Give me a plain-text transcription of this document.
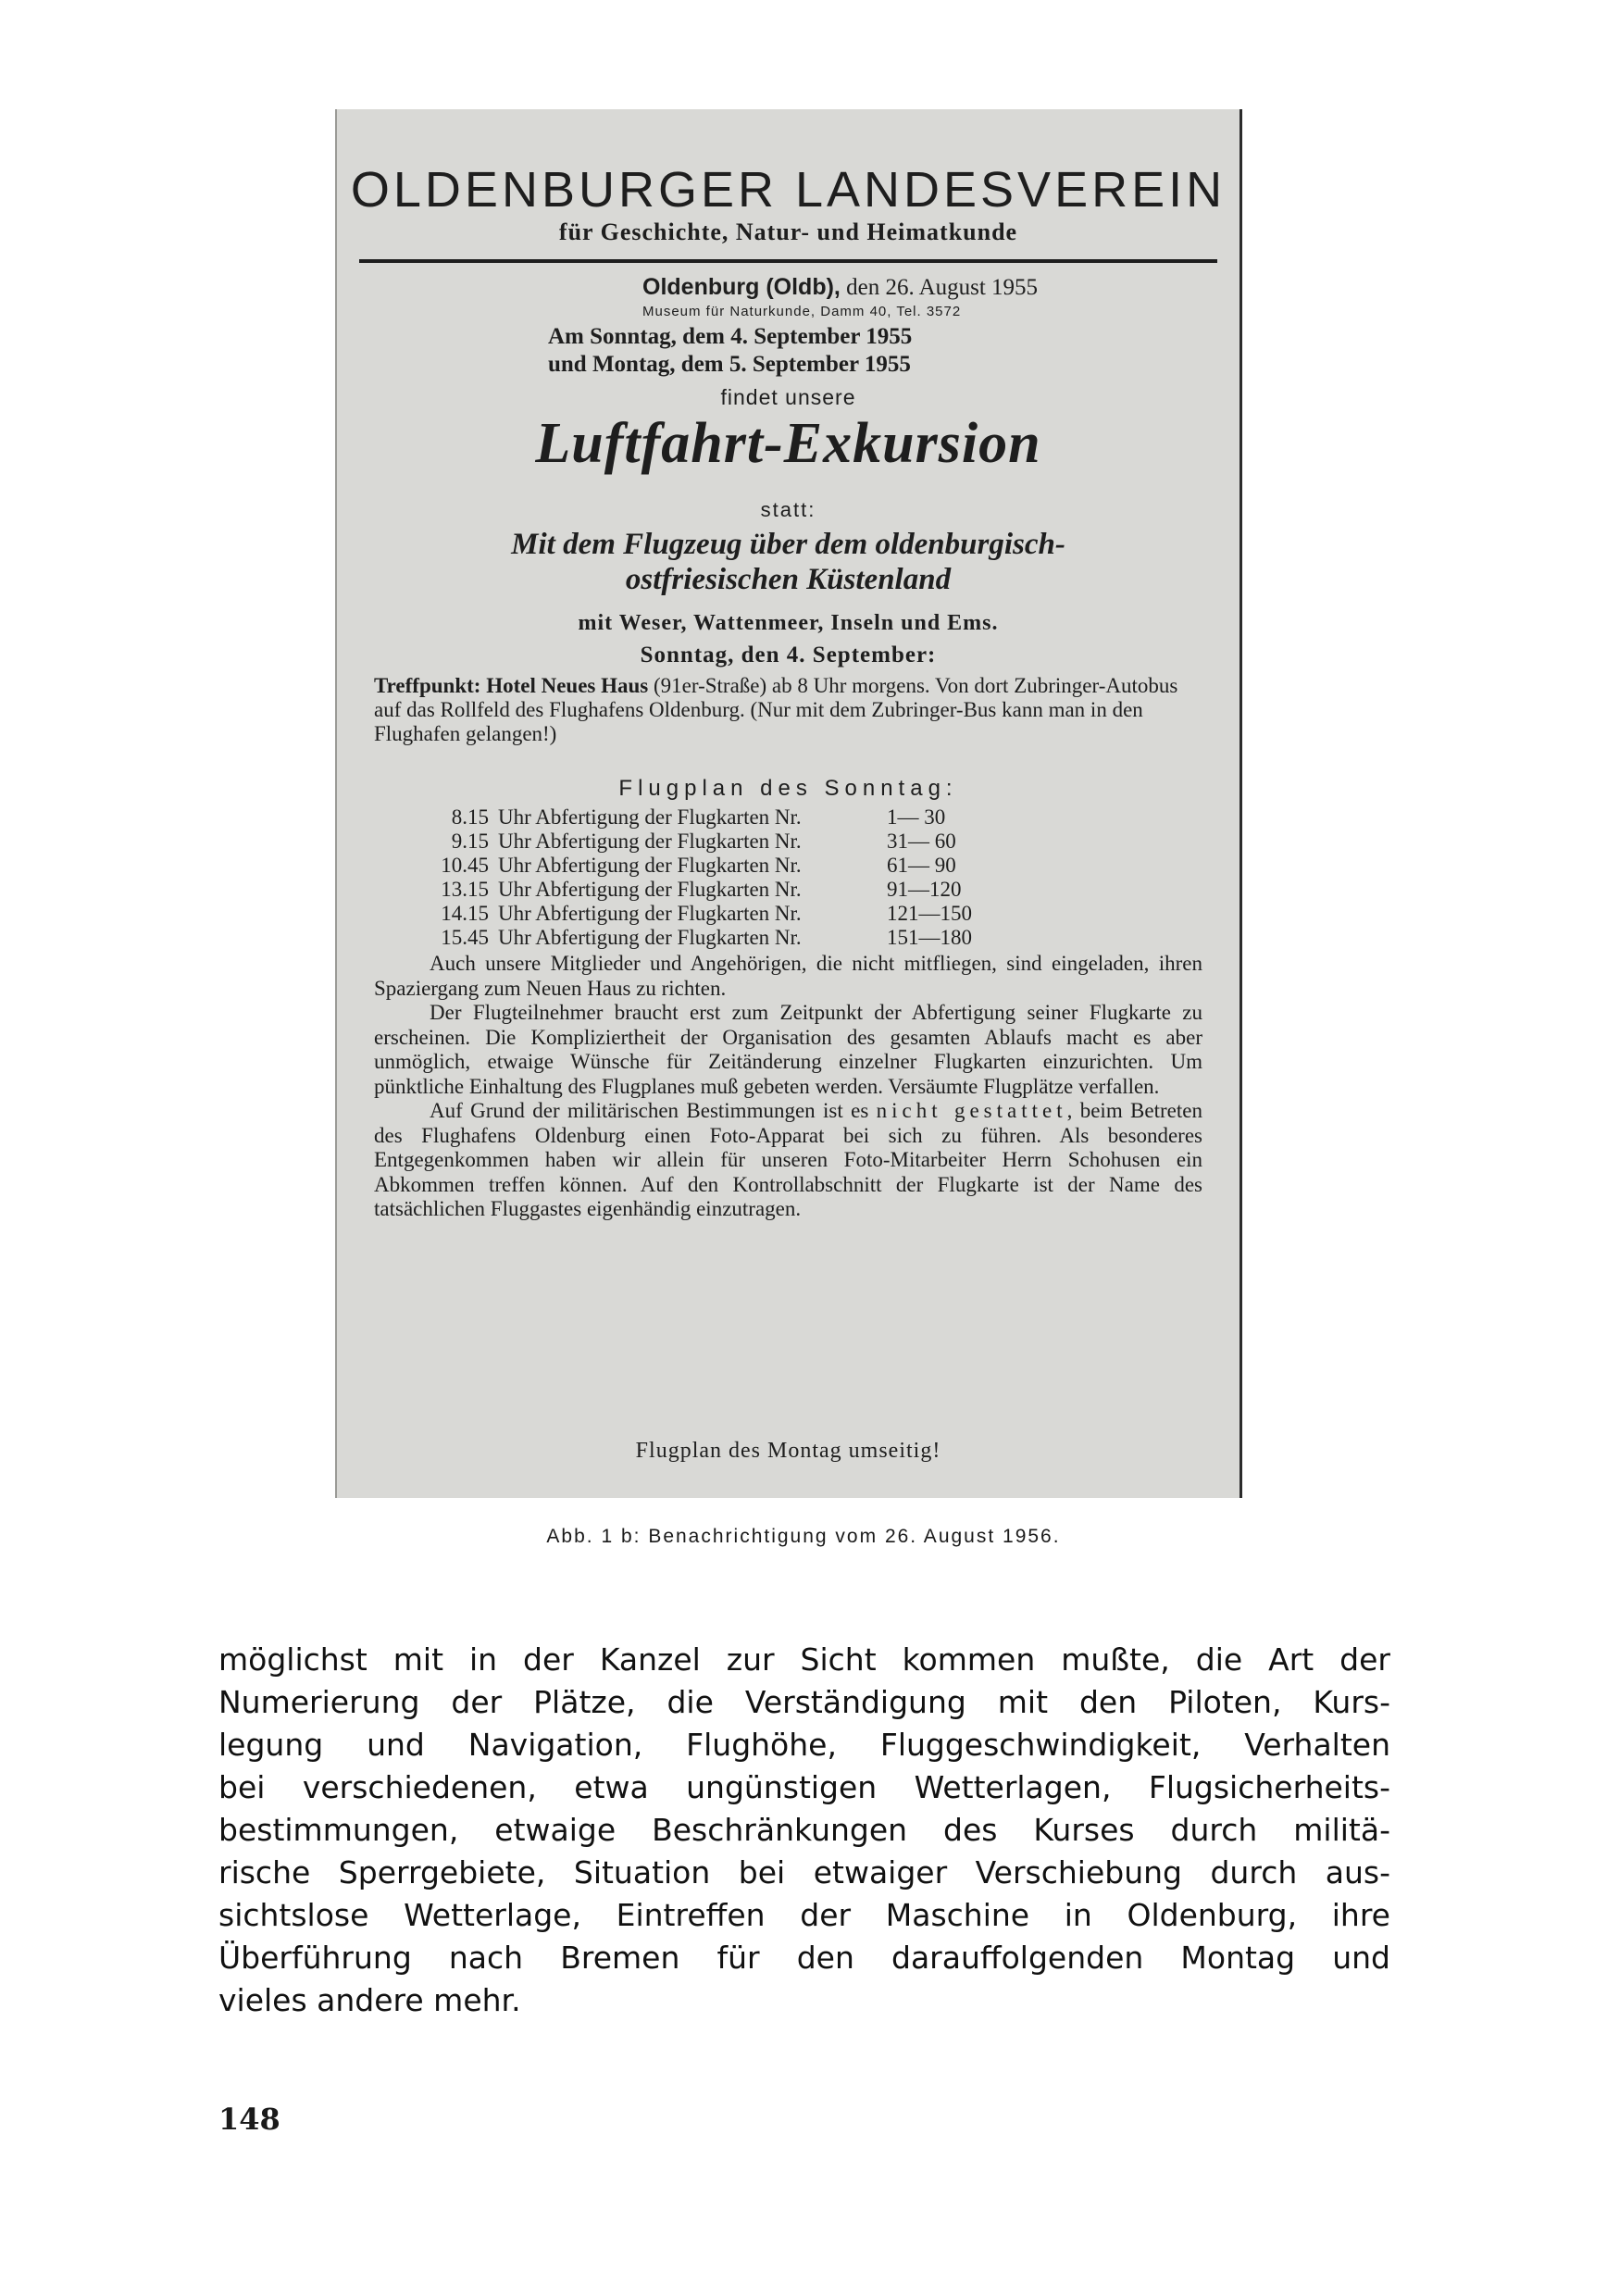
OLDENBURGER LANDESVEREIN
für Geschichte, Natur- und Heimatkunde
Oldenburg (Oldb), den 26. August 1955
Museum für Naturkunde, Damm 40, Tel. 3572
Am Sonntag, dem 4. September 1955
und Montag, dem 5. September 1955
findet unsere
Luftfahrt-Exkursion
statt:
Mit dem Flugzeug über dem oldenburgisch-
ostfriesischen Küstenland
mit Weser, Wattenmeer, Inseln und Ems.
Sonntag, den 4. September:
Treffpunkt: Hotel Neues Haus (91er-Straße) ab 8 Uhr morgens. Von dort Zubringer-Autobus auf das Rollfeld des Flughafens Oldenburg. (Nur mit dem Zubringer-Bus kann man in den Flughafen gelangen!)
Flugplan des Sonntag:
8.15 Uhr Abfertigung der Flugkarten Nr.	1— 30
9.15 Uhr Abfertigung der Flugkarten Nr.	31— 60
10.45 Uhr Abfertigung der Flugkarten Nr.	61— 90
13.15 Uhr Abfertigung der Flugkarten Nr.	91—120
14.15 Uhr Abfertigung der Flugkarten Nr.	121—150
15.45 Uhr Abfertigung der Flugkarten Nr.	151—180

Auch unsere Mitglieder und Angehörigen, die nicht mitfliegen, sind eingeladen, ihren Spaziergang zum Neuen Haus zu richten.

Der Flugteilnehmer braucht erst zum Zeitpunkt der Abfertigung seiner Flugkarte zu erscheinen. Die Kompliziertheit der Organisation des gesamten Ablaufs macht es aber unmöglich, etwaige Wünsche für Zeitänderung einzelner Flugkarten einzurichten. Um pünktliche Einhaltung des Flugplanes muß gebeten werden. Versäumte Flugplätze verfallen.

Auf Grund der militärischen Bestimmungen ist es nicht gestattet, beim Betreten des Flughafens Oldenburg einen Foto-Apparat bei sich zu führen. Als besonderes Entgegenkommen haben wir allein für unseren Foto-Mitarbeiter Herrn Schohusen ein Abkommen treffen können. Auf den Kontrollabschnitt der Flugkarte ist der Name des tatsächlichen Fluggastes eigenhändig einzutragen.

Flugplan des Montag umseitig!
Abb. 1 b: Benachrichtigung vom 26. August 1956.
möglichst mit in der Kanzel zur Sicht kommen mußte, die Art der
Numerierung der Plätze, die Verständigung mit den Piloten, Kurs-
legung und Navigation, Flughöhe, Fluggeschwindigkeit, Verhalten
bei verschiedenen, etwa ungünstigen Wetterlagen, Flugsicherheits-
bestimmungen, etwaige Beschränkungen des Kurses durch militä-
rische Sperrgebiete, Situation bei etwaiger Verschiebung durch aus-
sichtslose Wetterlage, Eintreffen der Maschine in Oldenburg, ihre
Überführung nach Bremen für den darauffolgenden Montag und
vieles andere mehr.
148
